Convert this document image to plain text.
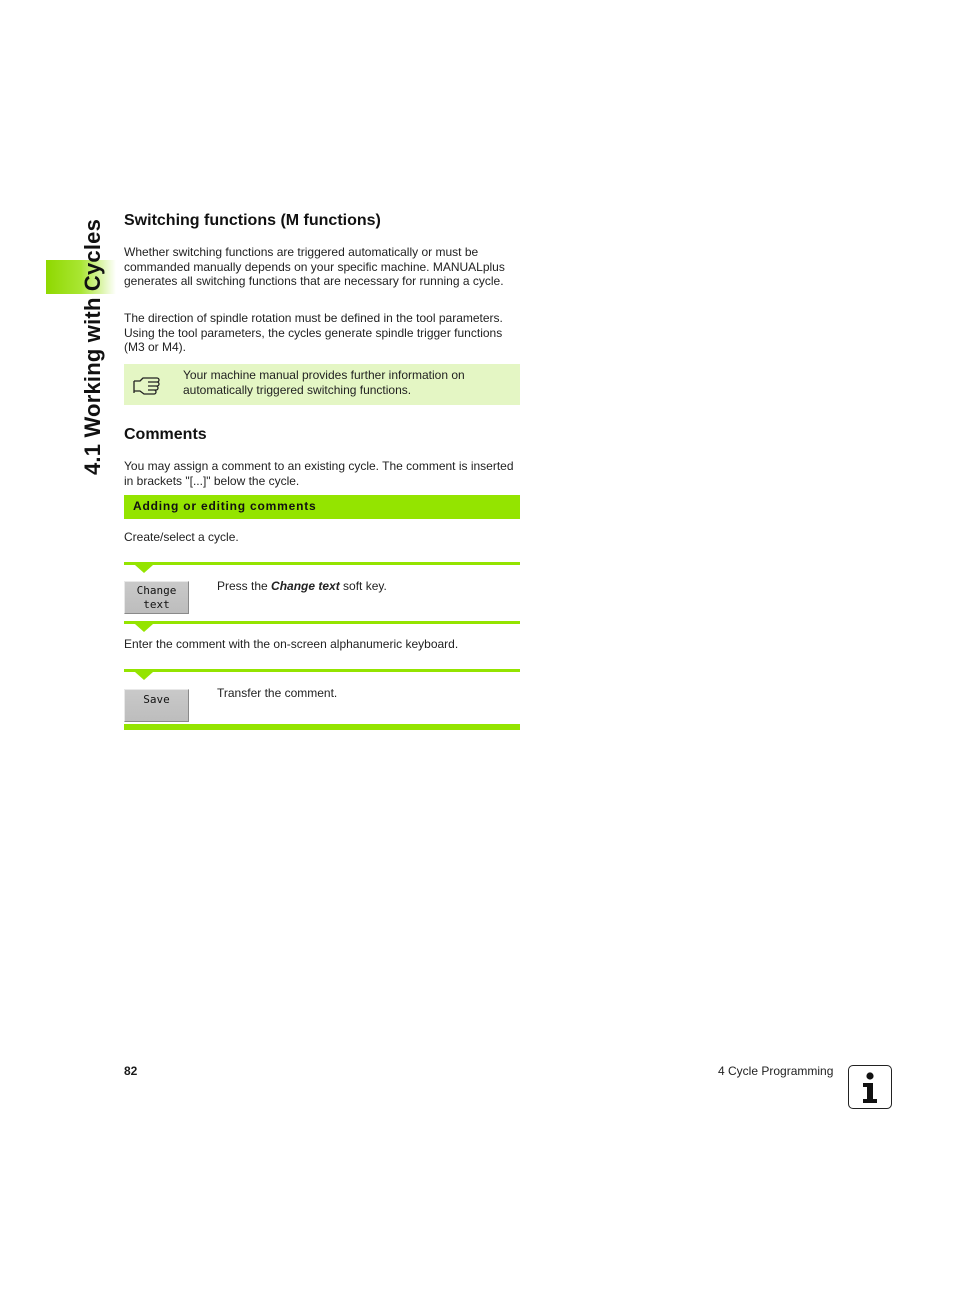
4.1 Working with Cycles Switching functions (M functions)

Whether switching functions are triggered automatically or must be commanded manually depends on your specific machine. MANUALplus generates all switching functions that are necessary for running a cycle.

The direction of spindle rotation must be defined in the tool parameters. Using the tool parameters, the cycles generate spindle trigger functions (M3 or M4).

Your machine manual provides further information on automatically triggered switching functions.
Comments

You may assign a comment to an existing cycle. The comment is inserted in brackets "[...]" below the cycle.

Adding or editing comments

Create/select a cycle.

Change
text
Press the Change text soft key.

Enter the comment with the on-screen alphanumeric keyboard.

Save	Transfer the comment.
82	4 Cycle Programming
